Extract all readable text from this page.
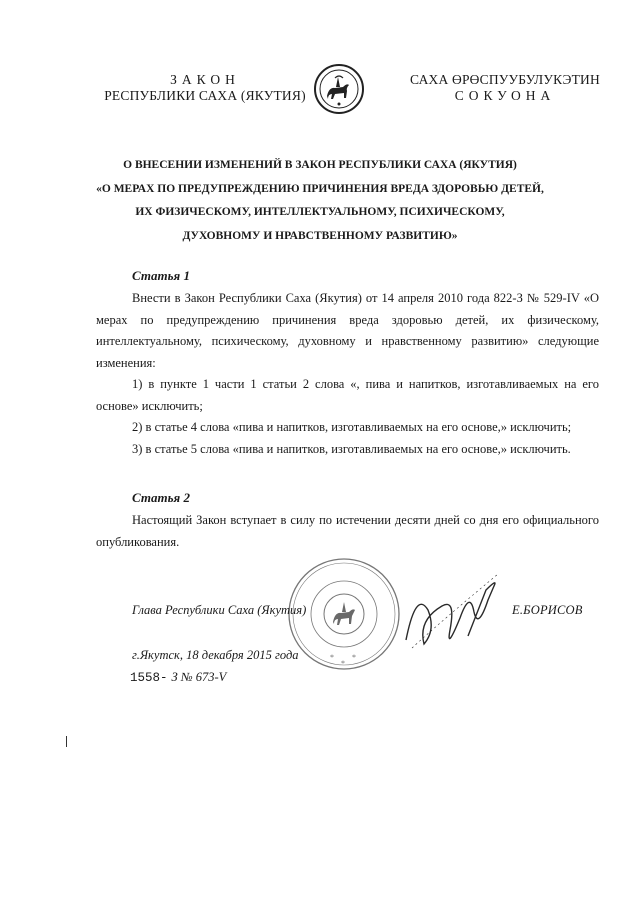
ЗАКОН
РЕСПУБЛИКИ САХА (ЯКУТИЯ)
САХА ӨРӨСПУУБУЛУКЭТИН
СОКУОНА
О ВНЕСЕНИИ ИЗМЕНЕНИЙ В ЗАКОН РЕСПУБЛИКИ САХА (ЯКУТИЯ)
«О МЕРАХ ПО ПРЕДУПРЕЖДЕНИЮ ПРИЧИНЕНИЯ ВРЕДА ЗДОРОВЬЮ ДЕТЕЙ,
ИХ ФИЗИЧЕСКОМУ, ИНТЕЛЛЕКТУАЛЬНОМУ, ПСИХИЧЕСКОМУ,
ДУХОВНОМУ И НРАВСТВЕННОМУ РАЗВИТИЮ»
Статья 1
Внести в Закон Республики Саха (Якутия) от 14 апреля 2010 года 822-З № 529-IV «О мерах по предупреждению причинения вреда здоровью детей, их физическому, интеллектуальному, психическому, духовному и нравственному развитию» следующие изменения:
1) в пункте 1 части 1 статьи 2 слова «, пива и напитков, изготавливаемых на его основе» исключить;
2) в статье 4 слова «пива и напитков, изготавливаемых на его основе,» исключить;
3) в статье 5 слова «пива и напитков, изготавливаемых на его основе,» исключить.
Статья 2
Настоящий Закон вступает в силу по истечении десяти дней со дня его официального опубликования.
* *
*
Глава Республики Саха (Якутия)	Е.БОРИСОВ
г.Якутск, 18 декабря 2015 года
1558- З № 673-V
